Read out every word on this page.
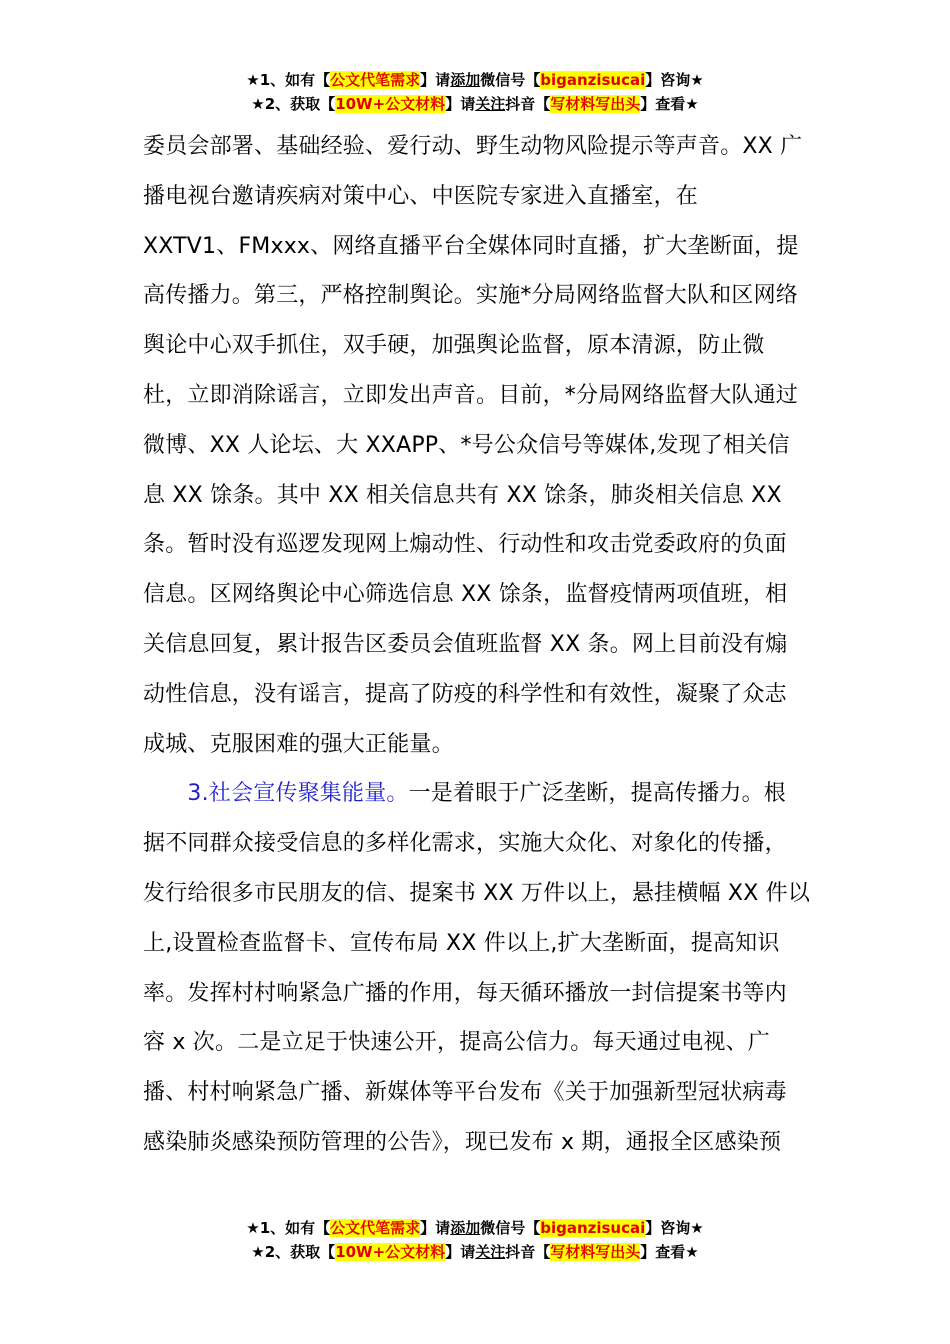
★1、如有【公文代笔需求】请添加微信号【biganzisucai】咨询★
★2、获取【10W+公文材料】请关注抖音【写材料写出头】查看★
委员会部署、基础经验、爱行动、野生动物风险提示等声音。XX 广
播电视台邀请疾病对策中心、中医院专家进入直播室，在
XXTV1、FMxxx、网络直播平台全媒体同时直播，扩大垄断面，提
高传播力。第三，严格控制舆论。实施*分局网络监督大队和区网络
舆论中心双手抓住，双手硬，加强舆论监督，原本清源，防止微
杜，立即消除谣言，立即发出声音。目前，*分局网络监督大队通过
微博、XX 人论坛、大 XXAPP、*号公众信号等媒体,发现了相关信
息 XX 馀条。其中 XX 相关信息共有 XX 馀条，肺炎相关信息 XX
条。暂时没有巡逻发现网上煽动性、行动性和攻击党委政府的负面
信息。区网络舆论中心筛选信息 XX 馀条，监督疫情两项值班，相
关信息回复，累计报告区委员会值班监督 XX 条。网上目前没有煽
动性信息，没有谣言，提高了防疫的科学性和有效性，凝聚了众志
成城、克服困难的强大正能量。
　　3.社会宣传聚集能量。一是着眼于广泛垄断，提高传播力。根
据不同群众接受信息的多样化需求，实施大众化、对象化的传播，
发行给很多市民朋友的信、提案书 XX 万件以上，悬挂横幅 XX 件以
上,设置检查监督卡、宣传布局 XX 件以上,扩大垄断面，提高知识
率。发挥村村响紧急广播的作用，每天循环播放一封信提案书等内
容 x 次。二是立足于快速公开，提高公信力。每天通过电视、广
播、村村响紧急广播、新媒体等平台发布《关于加强新型冠状病毒
感染肺炎感染预防管理的公告》，现已发布 x 期，通报全区感染预
★1、如有【公文代笔需求】请添加微信号【biganzisucai】咨询★
★2、获取【10W+公文材料】请关注抖音【写材料写出头】查看★
